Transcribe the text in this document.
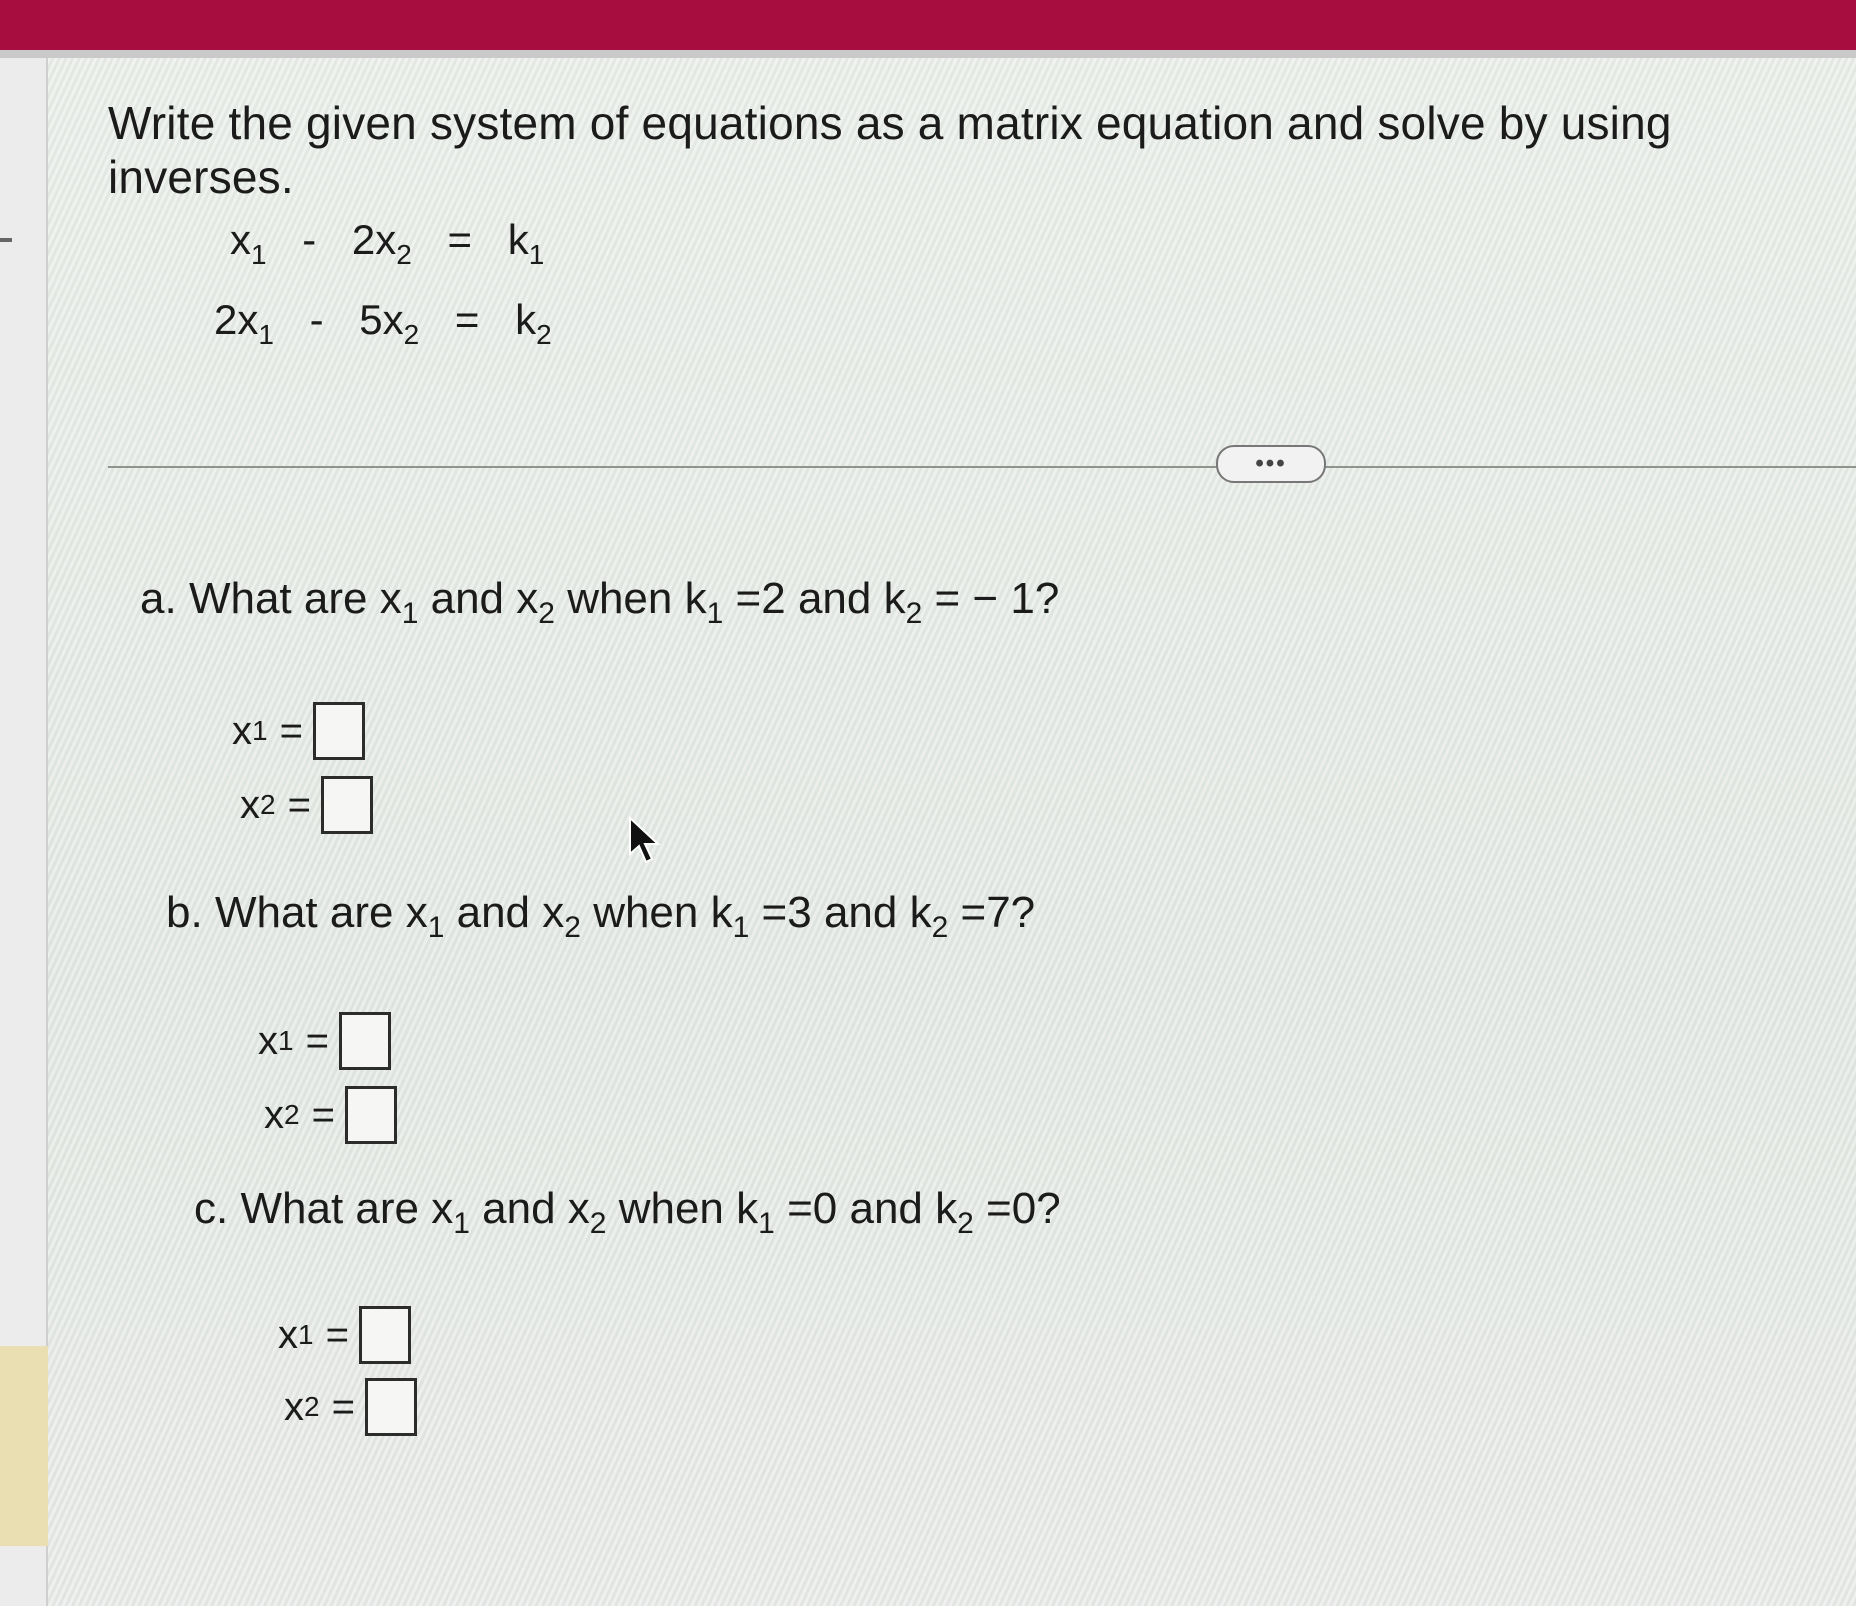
Write the given system of equations as a matrix equation and solve by using inverses.
$x_1 - 2x_2 = k_1$
$2x_1 - 5x_2 = k_2$
•••
a. What are $x_1$ and $x_2$ when $k_1 =2$ and $k_2$ = − 1?
x 1 =
x 2 =
b. What are $x_1$ and $x_2$ when $k_1 =3$ and $k_2 =7$?
x 1 =
x 2 =
c. What are $x_1$ and $x_2$ when $k_1 =0$ and $k_2 =0$?
x 1 =
x 2 =
